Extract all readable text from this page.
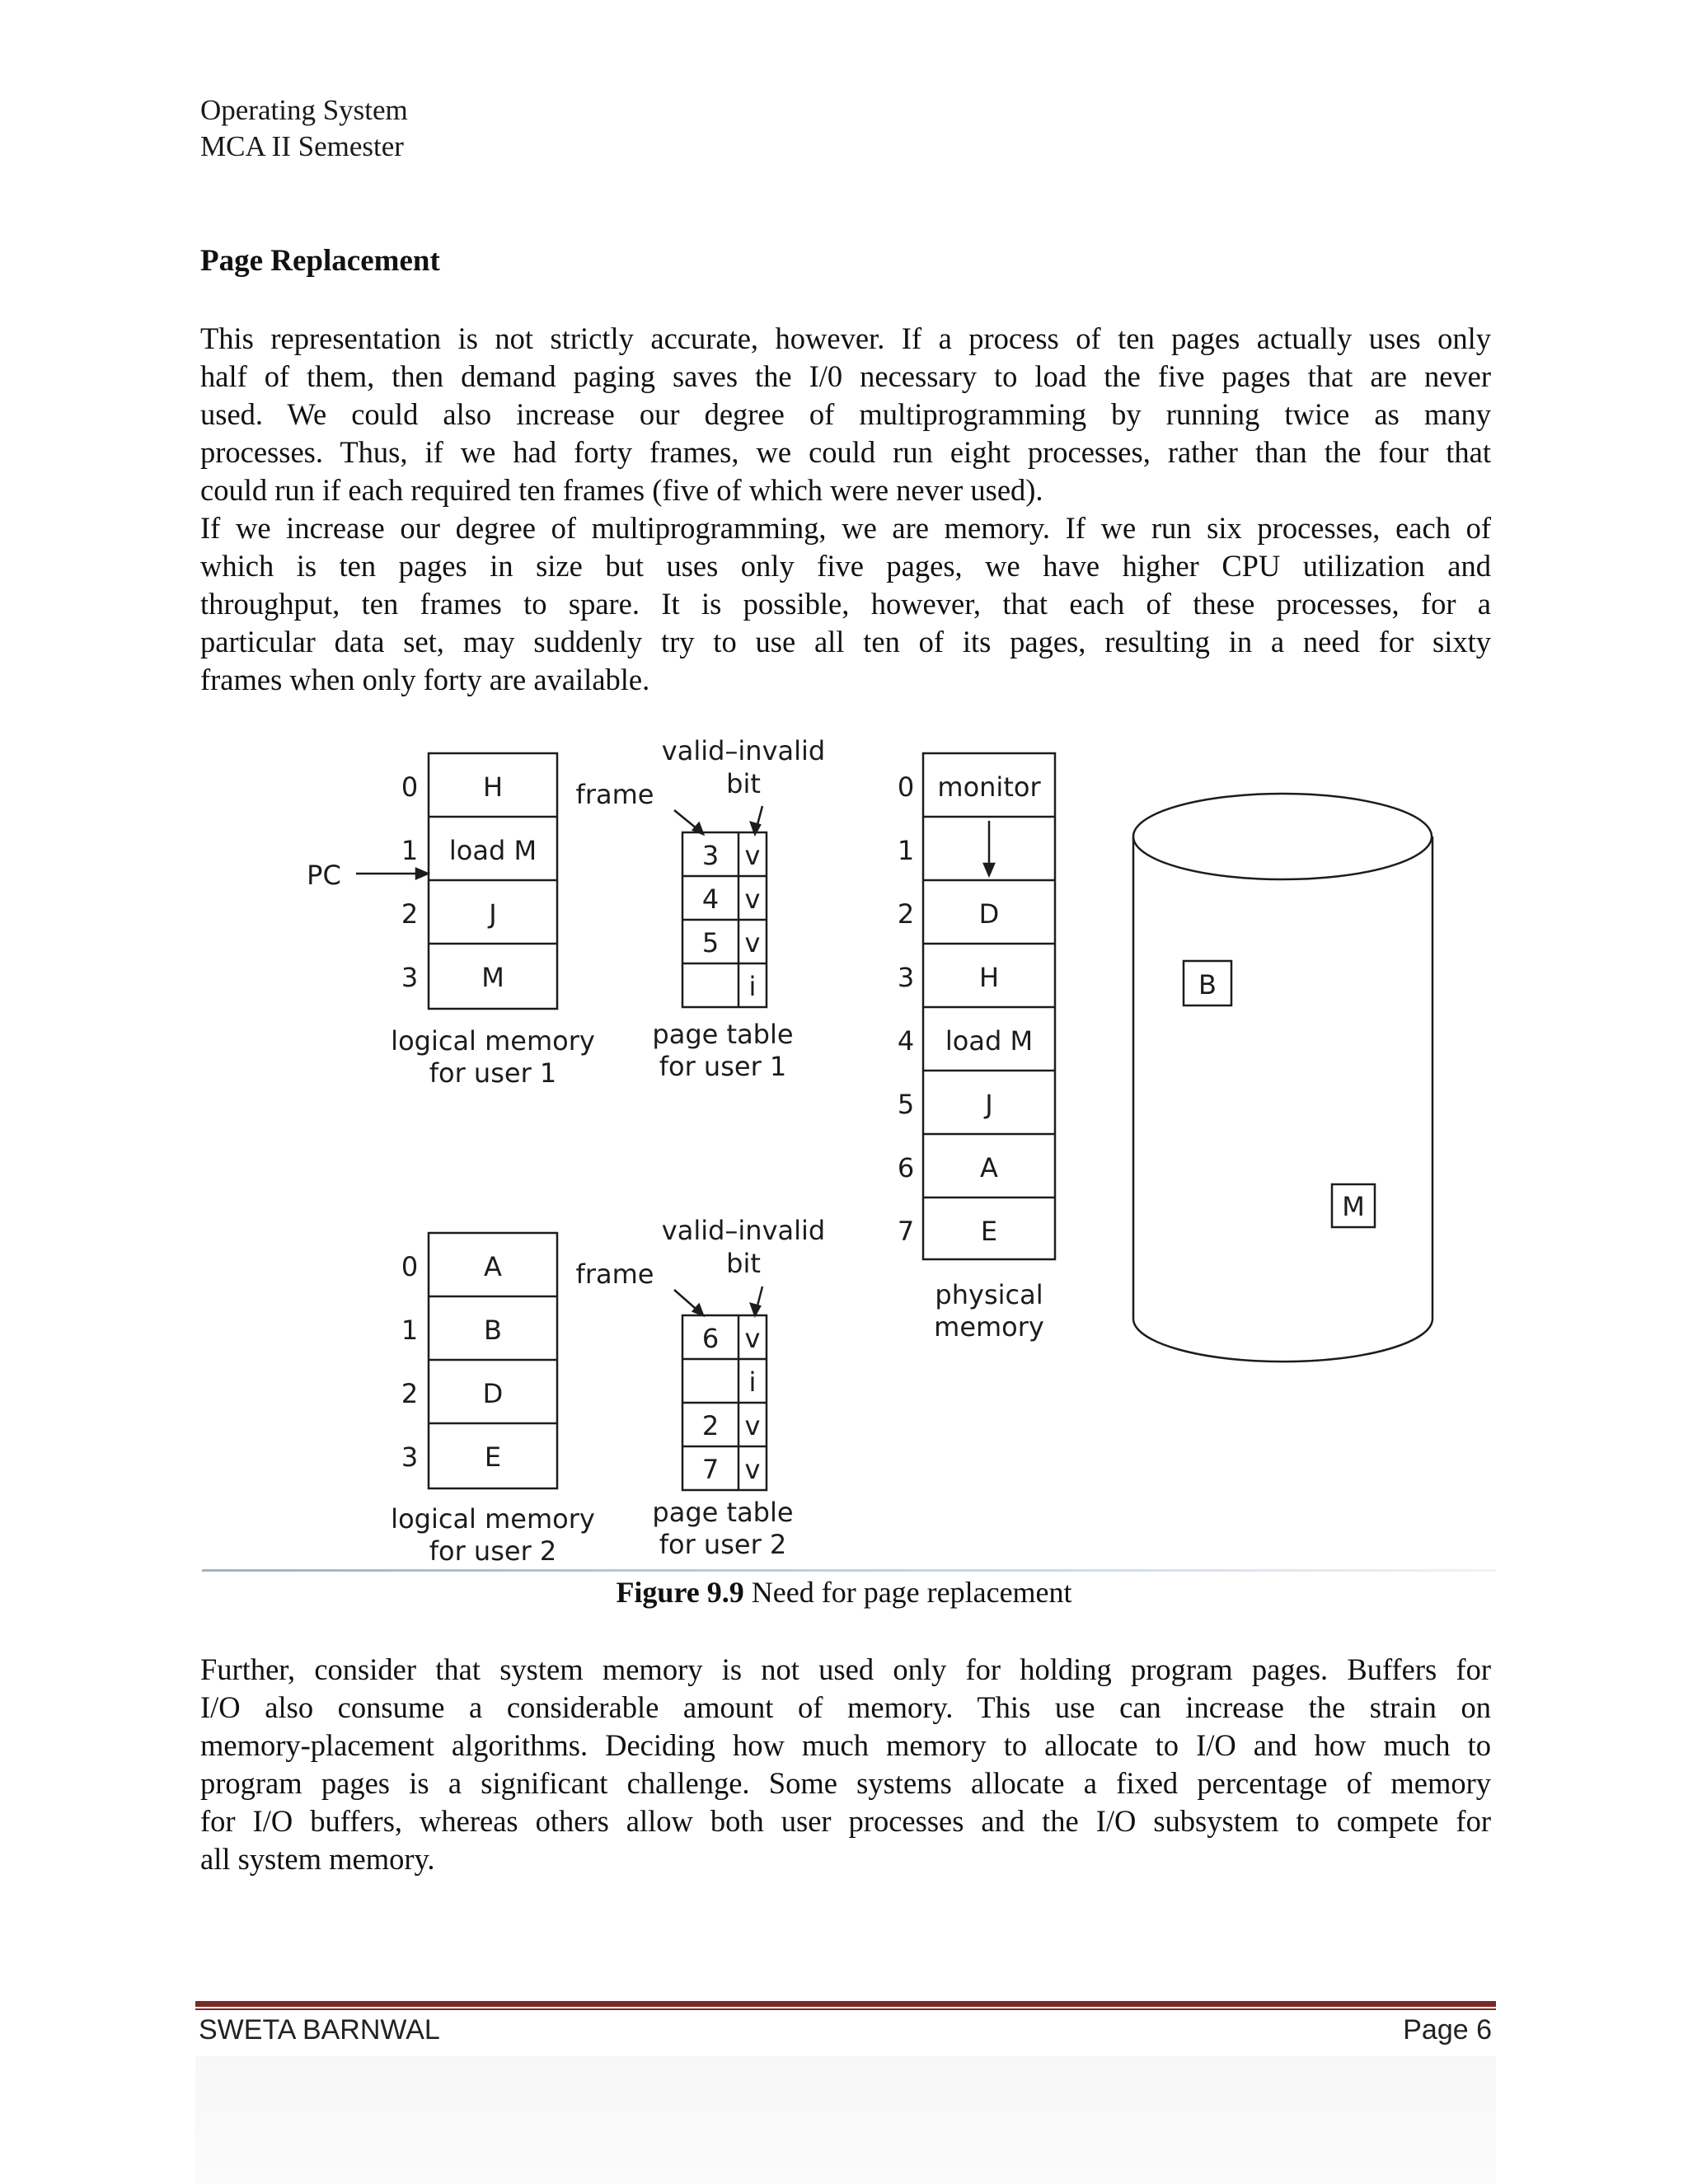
Operating System
MCA II Semester
Page Replacement
This representation is not strictly accurate, however. If a process of ten pages actually uses only
half of them, then demand paging saves the I/0 necessary to load the five pages that are never
used. We could also increase our degree of multiprogramming by running twice as many
processes. Thus, if we had forty frames, we could run eight processes, rather than the four that
could run if each required ten frames (five of which were never used).
If we increase our degree of multiprogramming, we are memory. If we run six processes, each of
which is ten pages in size but uses only five pages, we have higher CPU utilization and
throughput, ten frames to spare. It is possible, however, that each of these processes, for a
particular data set, may suddenly try to use all ten of its pages, resulting in a need for sixty
frames when only forty are available.
0
1
2
3
H
load M
J
M
PC
frame
valid–invalid
bit
3
4
5
v
v
v
i
logical memory
for user 1
page table
for user 1
0
1
2
3
A
B
D
E
frame
valid–invalid
bit
6
2
7
v
i
v
v
logical memory
for user 2
page table
for user 2
0
1
2
3
4
5
6
7
monitor
D
H
load M
J
A
E
physical
memory
B
M
Figure 9.9 Need for page replacement
Further, consider that system memory is not used only for holding program pages. Buffers for
I/O also consume a considerable amount of memory. This use can increase the strain on
memory-placement algorithms. Deciding how much memory to allocate to I/O and how much to
program pages is a significant challenge. Some systems allocate a fixed percentage of memory
for I/O buffers, whereas others allow both user processes and the I/O subsystem to compete for
all system memory.
SWETA BARNWAL	Page 6
